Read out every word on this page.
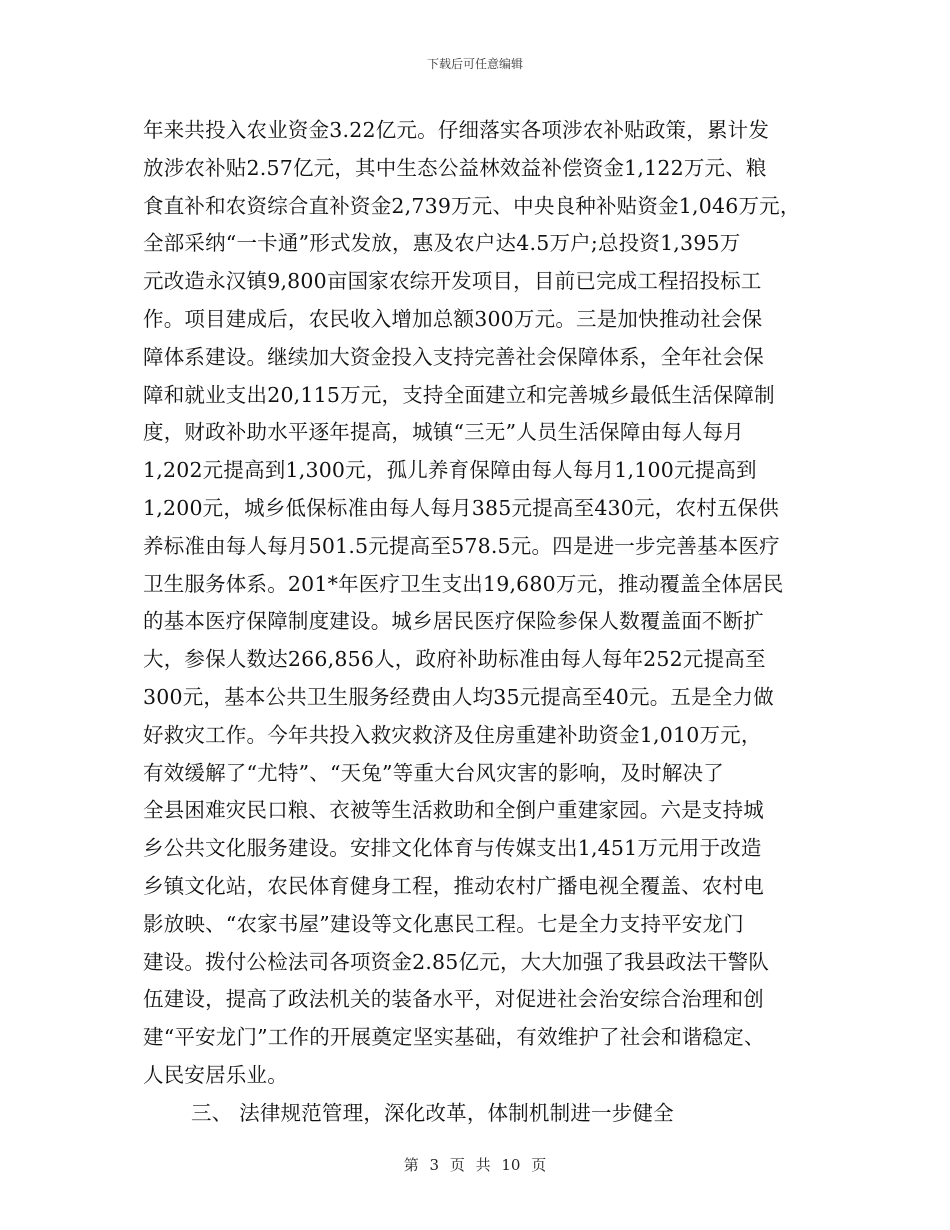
下载后可任意编辑
年来共投入农业资金3.22亿元。仔细落实各项涉农补贴政策，累计发
放涉农补贴2.57亿元，其中生态公益林效益补偿资金1,122万元、粮
食直补和农资综合直补资金2,739万元、中央良种补贴资金1,046万元，
全部采纳“一卡通”形式发放，惠及农户达4.5万户;总投资1,395万
元改造永汉镇9,800亩国家农综开发项目，目前已完成工程招投标工
作。项目建成后，农民收入增加总额300万元。三是加快推动社会保
障体系建设。继续加大资金投入支持完善社会保障体系，全年社会保
障和就业支出20,115万元，支持全面建立和完善城乡最低生活保障制
度，财政补助水平逐年提高，城镇“三无”人员生活保障由每人每月
1,202元提高到1,300元，孤儿养育保障由每人每月1,100元提高到
1,200元，城乡低保标准由每人每月385元提高至430元，农村五保供
养标准由每人每月501.5元提高至578.5元。四是进一步完善基本医疗
卫生服务体系。201*年医疗卫生支出19,680万元，推动覆盖全体居民
的基本医疗保障制度建设。城乡居民医疗保险参保人数覆盖面不断扩
大，参保人数达266,856人，政府补助标准由每人每年252元提高至
300元，基本公共卫生服务经费由人均35元提高至40元。五是全力做
好救灾工作。今年共投入救灾救济及住房重建补助资金1,010万元，
有效缓解了“尤特”、“天兔”等重大台风灾害的影响，及时解决了
全县困难灾民口粮、衣被等生活救助和全倒户重建家园。六是支持城
乡公共文化服务建设。安排文化体育与传媒支出1,451万元用于改造
乡镇文化站，农民体育健身工程，推动农村广播电视全覆盖、农村电
影放映、“农家书屋”建设等文化惠民工程。七是全力支持平安龙门
建设。拨付公检法司各项资金2.85亿元，大大加强了我县政法干警队
伍建设，提高了政法机关的装备水平，对促进社会治安综合治理和创
建“平安龙门”工作的开展奠定坚实基础，有效维护了社会和谐稳定、
人民安居乐业。
三、 法律规范管理，深化改革，体制机制进一步健全
第 3 页 共 10 页
